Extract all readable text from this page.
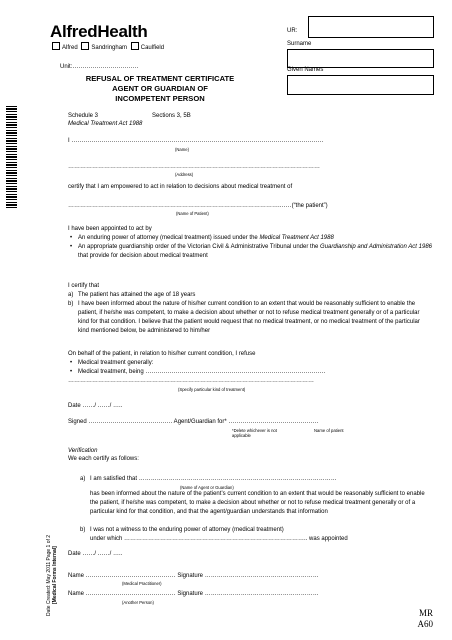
AlfredHealth
Alfred Sandringham Caulfield
UR:
Surname
Given Names
Unit:……………………………
REFUSAL OF TREATMENT CERTIFICATE
AGENT OR GUARDIAN OF
INCOMPETENT PERSON
Schedule 3	Sections 3, 5B
Medical Treatment Act 1988
Date Created: May 2011 Page 1 of 2 [Medical Forms Internal]
I ………………………………………………………………………………………………………………
(Name)
………………………………………………………………………………………………………………
(Address)
certify that I am empowered to act in relation to decisions about medical treatment of
…………………………………………………………………………………………….……(“the patient”)
(Name of Patient)
I have been appointed to act by
• An enduring power of attorney (medical treatment) issued under the Medical Treatment Act 1988
• An appropriate guardianship order of the Victorian Civil & Administrative Tribunal under the Guardianship and Administration Act 1986 that provide for decision about medical treatment
I certify that
a) The patient has attained the age of 18 years
b) I have been informed about the nature of his/her current condition to an extent that would be reasonably sufficient to enable the patient, if he/she was competent, to make a decision about whether or not to refuse medical treatment generally or of a particular kind for that condition. I believe that the patient would request that no medical treatment, or no medical treatment of the particular kind mentioned below, be administered to him/her
On behalf of the patient, in relation to his/her current condition, I refuse
• Medical treatment generally:
• Medical treatment, being ………………………………………………………………………………
……………………………………………………………………………………………………………
(Specify particular kind of treatment)
Date ……/ ……/ …..
Signed …………………………………… Agent/Guardian for* ………………………………………
*Delete whichever is not applicable
Name of patient
Verification
We each certify as follows:
a) I am satisfied that ………………………………………………………………………………………
(Name of Agent or Guardian)
has been informed about the nature of the patient’s current condition to an extent that would be reasonably sufficient to enable the patient, if he/she was competent, to make a decision about whether or not to refuse medical treatment generally or of a particular kind for that condition, and that the agent/guardian understands that information
b) I was not a witness to the enduring power of attorney (medical treatment)
under which ……………………………………………………………………………….. was appointed
Date ……/ ……/ …..
Name ……………………………………… Signature …………………………………………………
(Medical Practitioner)
Name ……………………………………… Signature …………………………………………………
(Another Person)
MR
A60
